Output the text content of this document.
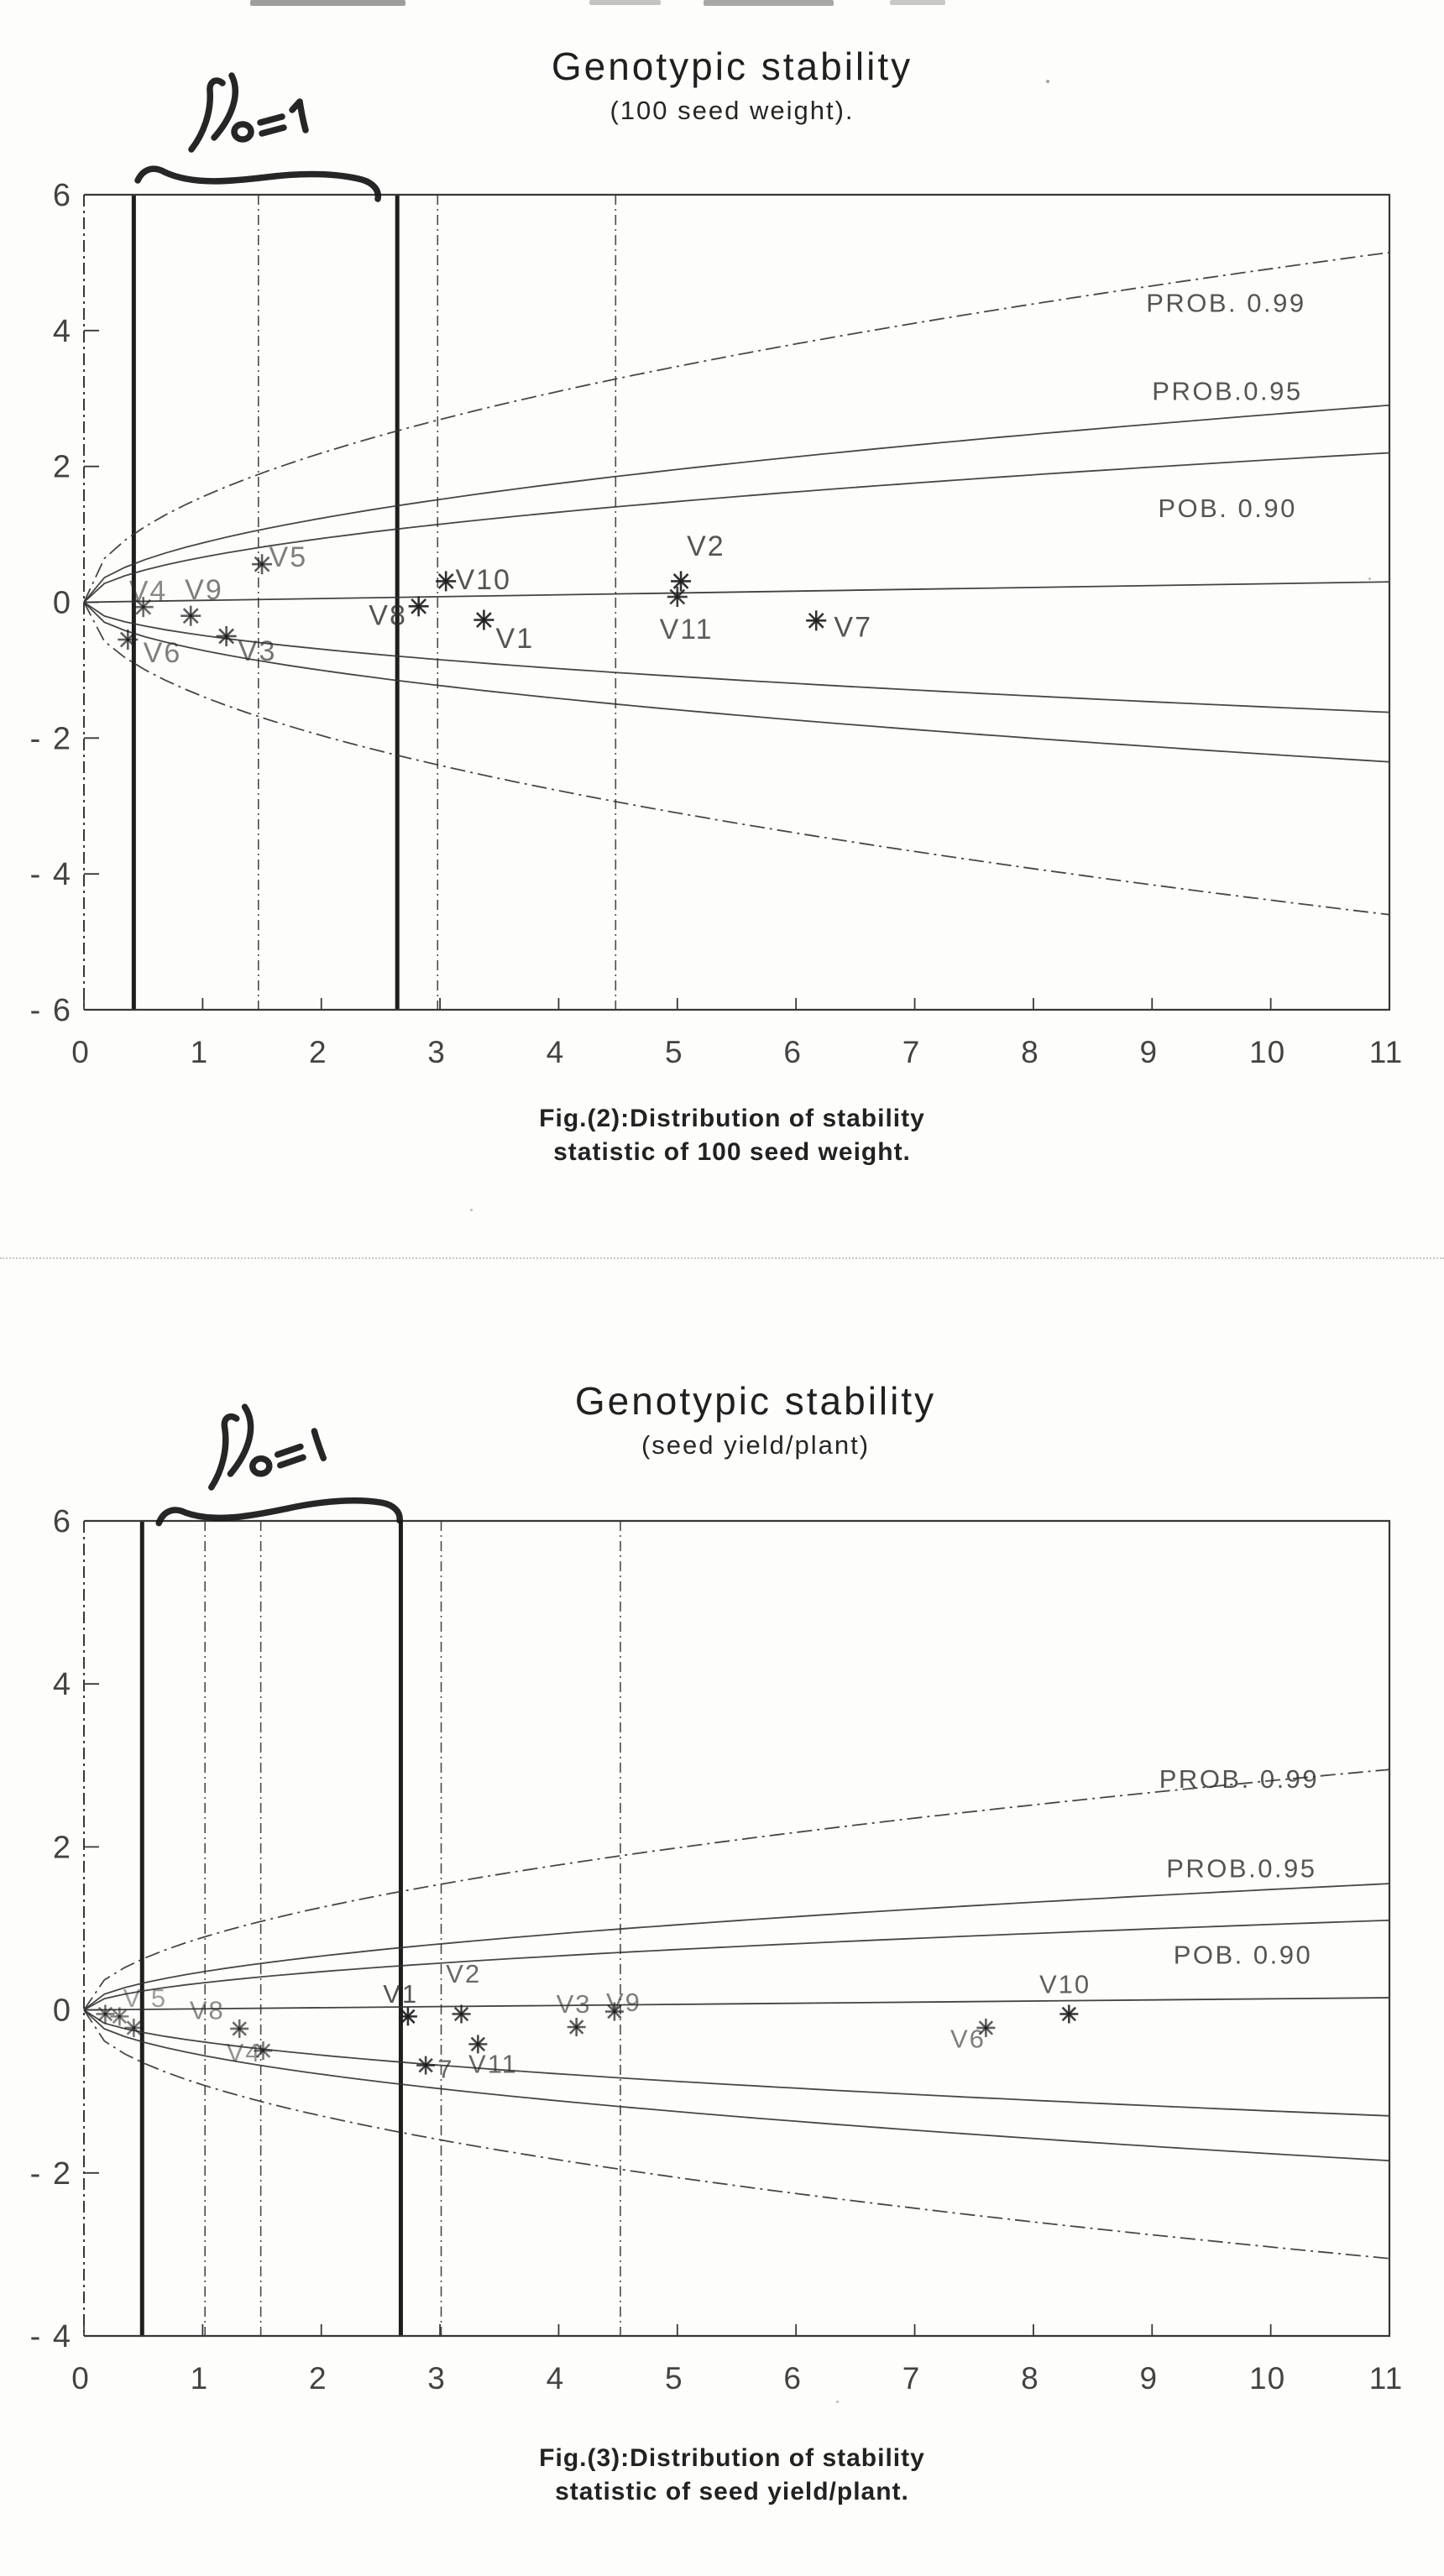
Genotypic stability
(100 seed weight).
Fig.(2):Distribution of stability
statistic of 100 seed weight.
Genotypic stability
(seed yield/plant)
Fig.(3):Distribution of stability
statistic of seed yield/plant.
PROB. 0.99
PROB.0.95
POB. 0.90
6
4
2
0
- 2
- 4
- 6
0	1	2	3	4	5	6	7	8	9	10	11
V6
V4 V9
V3
V5
V8
V10
V1
V2
V11	V7
PROB. 0.99
PROB.0.95
POB. 0.90
6
4
2
0
- 2
- 4
0	1	2	3	4	5	6	7	8	9	10	11
V 5 V8
V4
V1
V2
7 V11
V3 V9
V6
V10
